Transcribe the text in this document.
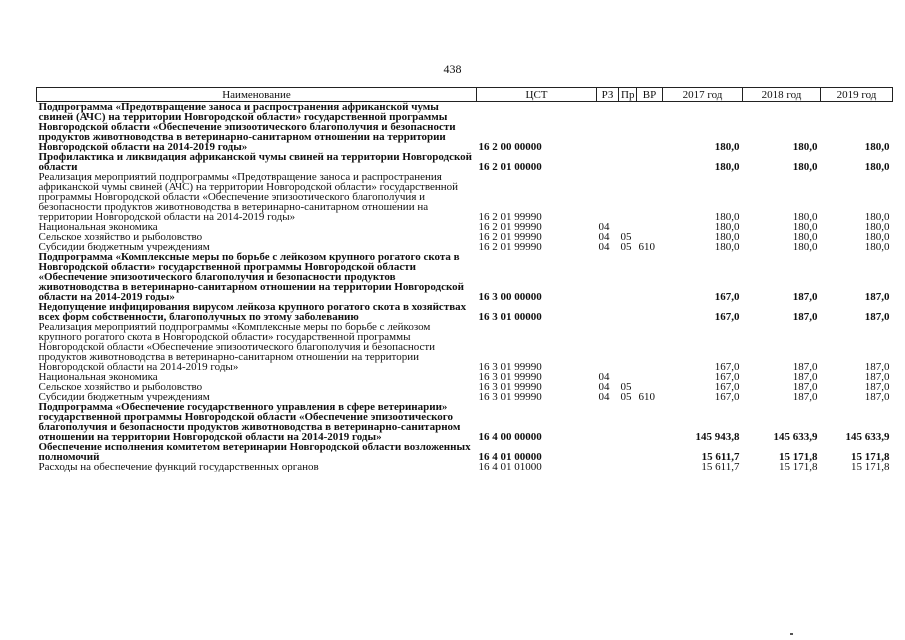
438
Наименование	ЦСТ	РЗ	Пр	ВР	2017 год	2018 год	2019 год
Подпрограмма «Предотвращение заноса и распространения африканской чумы свиней (АЧС) на территории Новгородской области» государственной программы Новгородской области «Обеспечение эпизоотического благополучия и безопасности продуктов животноводства в ветеринарно-санитарном отношении на территории Новгородской области на 2014-2019 годы»	16 2 00 00000				180,0	180,0	180,0
Профилактика и ликвидация африканской чумы свиней на территории Новгородской области	16 2 01 00000				180,0	180,0	180,0
Реализация мероприятий подпрограммы «Предотвращение заноса и распространения африканской чумы свиней (АЧС) на территории Новгородской области» государственной программы Новгородской области «Обеспечение эпизоотического благополучия и безопасности продуктов животноводства в ветеринарно-санитарном отношении на территории Новгородской области на 2014-2019 годы»	16 2 01 99990				180,0	180,0	180,0
Национальная экономика	16 2 01 99990	04			180,0	180,0	180,0
Сельское хозяйство и рыболовство	16 2 01 99990	04	05		180,0	180,0	180,0
Субсидии бюджетным учреждениям	16 2 01 99990	04	05	610	180,0	180,0	180,0
Подпрограмма «Комплексные меры по борьбе с лейкозом крупного рогатого скота в Новгородской области» государственной программы Новгородской области «Обеспечение эпизоотического благополучия и безопасности продуктов животноводства в ветеринарно-санитарном отношении на территории Новгородской области на 2014-2019 годы»	16 3 00 00000				167,0	187,0	187,0
Недопущение инфицирования вирусом лейкоза крупного рогатого скота в хозяйствах всех форм собственности, благополучных по этому заболеванию	16 3 01 00000				167,0	187,0	187,0
Реализация мероприятий подпрограммы «Комплексные меры по борьбе с лейкозом крупного рогатого скота в Новгородской области» государственной программы Новгородской области «Обеспечение эпизоотического благополучия и безопасности продуктов животноводства в ветеринарно-санитарном отношении на территории Новгородской области на 2014-2019 годы»	16 3 01 99990				167,0	187,0	187,0
Национальная экономика	16 3 01 99990	04			167,0	187,0	187,0
Сельское хозяйство и рыболовство	16 3 01 99990	04	05		167,0	187,0	187,0
Субсидии бюджетным учреждениям	16 3 01 99990	04	05	610	167,0	187,0	187,0
Подпрограмма «Обеспечение государственного управления в сфере ветеринарии» государственной программы Новгородской области «Обеспечение эпизоотического благополучия и безопасности продуктов животноводства в ветеринарно-санитарном отношении на территории Новгородской области на 2014-2019 годы»	16 4 00 00000				145 943,8	145 633,9	145 633,9
Обеспечение исполнения комитетом ветеринарии Новгородской области возложенных полномочий	16 4 01 00000				15 611,7	15 171,8	15 171,8
Расходы на обеспечение функций государственных органов	16 4 01 01000				15 611,7	15 171,8	15 171,8
